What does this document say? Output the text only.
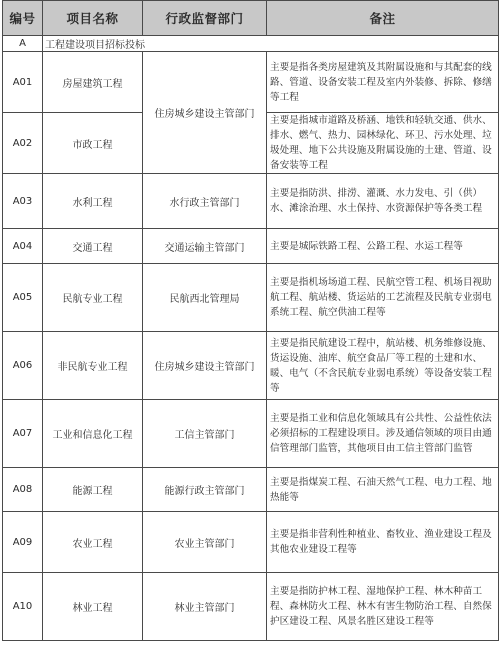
编号	项目名称	行政监督部门	备注
A	工程建设项目招标投标		
A01	房屋建筑工程	住房城乡建设主管部门	主要是指各类房屋建筑及其附属设施和与其配套的线路、管道、设备安装工程及室内外装修、拆除、修缮等工程
A02	市政工程		主要是指城市道路及桥涵、地铁和轻轨交通、供水、排水、燃气、热力、园林绿化、环卫、污水处理、垃圾处理、地下公共设施及附属设施的土建、管道、设备安装等工程
A03	水利工程	水行政主管部门	主要是指防洪、排涝、灌溉、水力发电、引（供）水、滩涂治理、水土保持、水资源保护等各类工程
A04	交通工程	交通运输主管部门	主要是城际铁路工程、公路工程、水运工程等
A05	民航专业工程	民航西北管理局	主要是指机场场道工程、民航空管工程、机场目视助航工程、航站楼、货运站的工艺流程及民航专业弱电系统工程、航空供油工程等
A06	非民航专业工程	住房城乡建设主管部门	主要是指民航建设工程中，航站楼、机务维修设施、货运设施、油库、航空食品厂等工程的土建和水、暖、电气（不含民航专业弱电系统）等设备安装工程等
A07	工业和信息化工程	工信主管部门	主要是指工业和信息化领域具有公共性、公益性依法必须招标的工程建设项目。涉及通信领域的项目由通信管理部门监管，其他项目由工信主管部门监管
A08	能源工程	能源行政主管部门	主要是指煤炭工程、石油天然气工程、电力工程、地热能等
A09	农业工程	农业主管部门	主要是指非营利性种植业、畜牧业、渔业建设工程及其他农业建设工程等
A10	林业工程	林业主管部门	主要是指防护林工程、湿地保护工程、林木种苗工程、森林防火工程、林木有害生物防治工程、自然保护区建设工程、风景名胜区建设工程等
